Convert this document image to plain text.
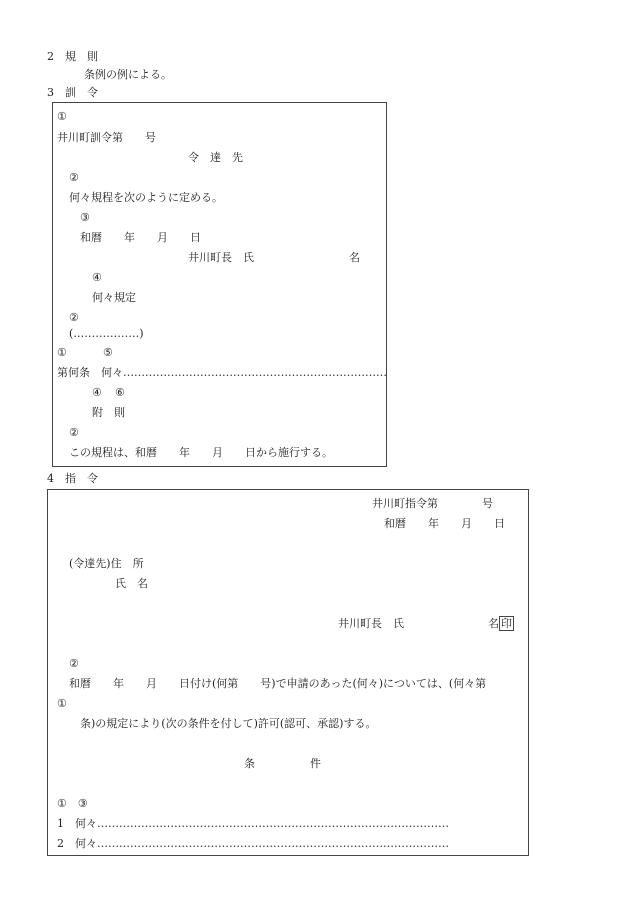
2　規　則
条例の例による。
3　訓　令
①
井川町訓令第　　号
令　達　先
②
何々規程を次のように定める。
③
和暦　　年　　月　　日
井川町長　氏	名
④
何々規定
②
(………………)
①	⑤
第何条　何々………………………………………………………………
④ ⑥
附　則
②
この規程は、和暦　　年　　月　　日から施行する。
4　指　令
井川町指令第　　　　号
和暦　　年　　月　　日
(令達先)住　所
氏　名
井川町長　氏	名 印
②
和暦　　年　　月　　日付け(何第　　号)で申請のあった(何々)については、(何々第
①
条)の規定により(次の条件を付して)許可(認可、承認)する。
条　　　　　件
①　③
1　何々……………………………………………………………………………………
2　何々……………………………………………………………………………………
